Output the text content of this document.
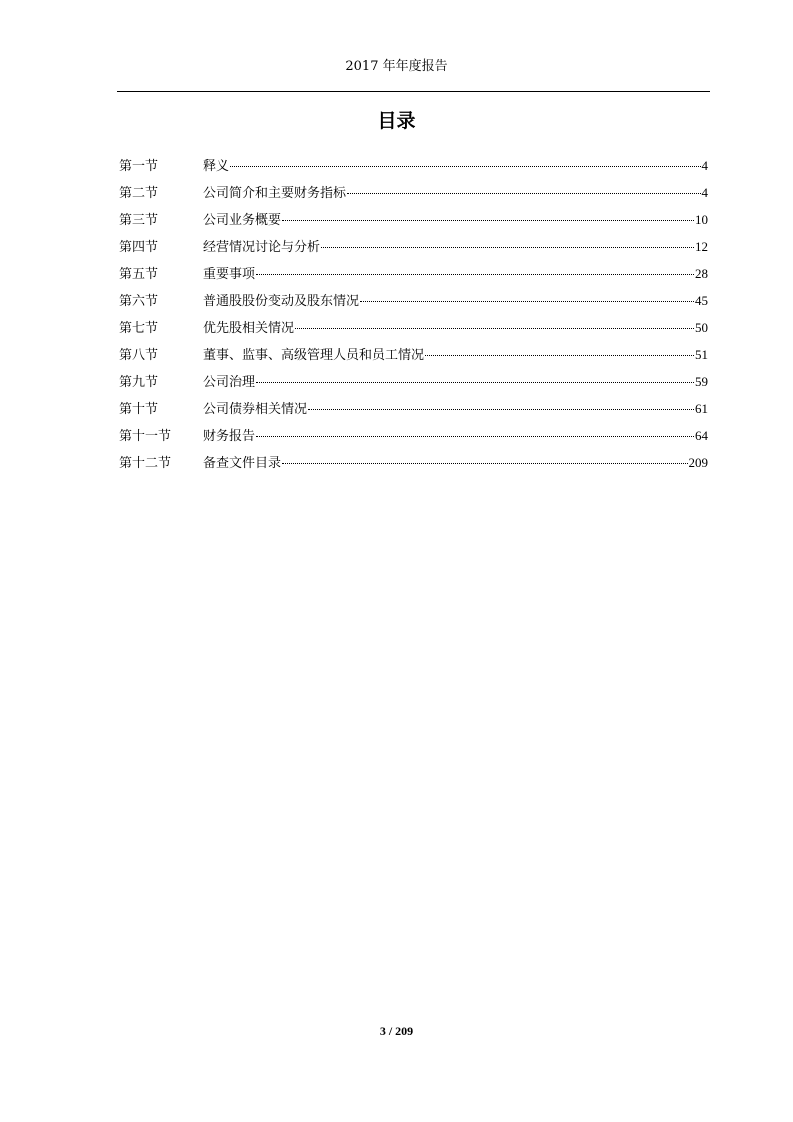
2017 年年度报告
目录
第一节	释义	4
第二节	公司简介和主要财务指标	4
第三节	公司业务概要	10
第四节	经营情况讨论与分析	12
第五节	重要事项	28
第六节	普通股股份变动及股东情况	45
第七节	优先股相关情况	50
第八节	董事、监事、高级管理人员和员工情况	51
第九节	公司治理	59
第十节	公司债券相关情况	61
第十一节	财务报告	64
第十二节	备查文件目录	209
3 / 209
